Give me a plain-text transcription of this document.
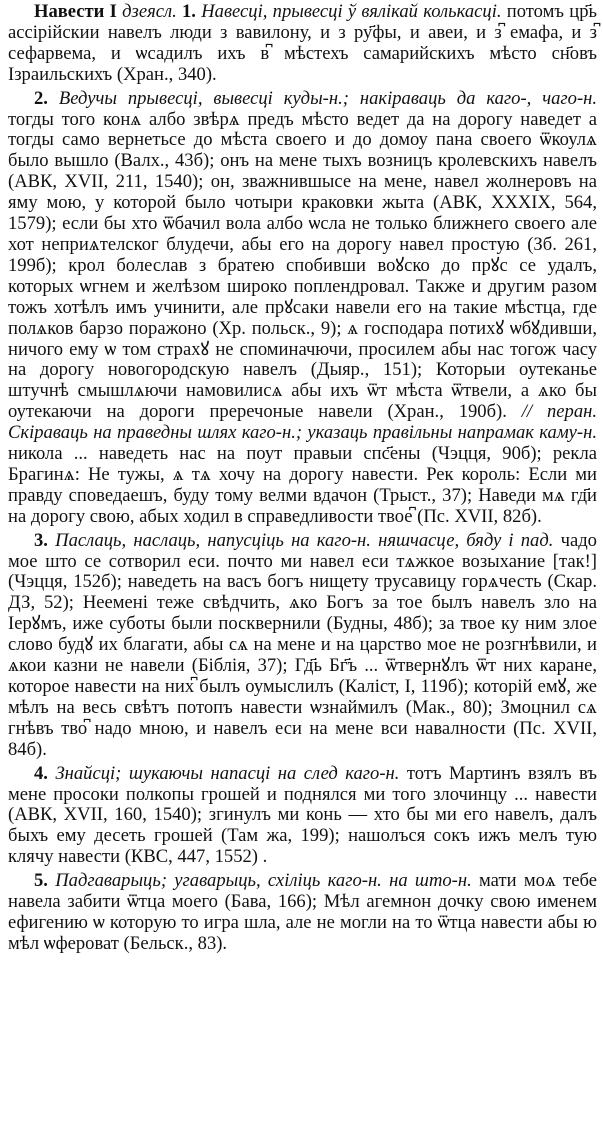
Навести I дзеясл. 1. Навесці, прывесці ў вялікай колькасці. потомъ цр҃ь ассірійскии навелъ люди з вавилону, и з ру҃фы, и авеи, и з͆ емафа, и з͆ сефарвема, и ѡсадилъ ихъ в͆ мѣстехъ самарийскихъ мѣсто сн҃овъ Ізраильскихъ (Хран., 340).

2. Ведучы прывесці, вывесці куды-н.; накіраваць да каго-, чаго-н. тогды того конѧ албо звѣрѧ предъ мѣсто ведет да на дорогу наведет а тогды само вернетьсе до мѣста своего и до домоу пана своего ѿкоулѧ было вышло (Валх., 43б); онъ на мене тыхъ возницъ кролевскихъ навелъ (АВК, XVII, 211, 1540); он, зважнившысе на мене, навел жолнеровъ на яму мою, у которой было чотыри краковки жыта (АВК, XXXIX, 564, 1579); если бы хто ѿбачил вола албо ѡсла не только ближнего своего але хот неприѧтелског блудечи, абы его на дорогу навел простую (Зб. 261, 199б); крол болеслав з братею спобивши воꙋско до прꙋс се удалъ, которых ѡгнем и желѣзом широко поплендровал. Также и другим разом тожъ хотѣлъ имъ учинити, але прꙋсаки навели его на такие мѣстца, где полѧков барзо поражоно (Хр. польск., 9); ѧ господара потихꙋ ѡбꙋдивши, ничого ему ѡ том страхꙋ не споминачючи, просилем абы нас тогож часу на дорогу новогородскую навелъ (Дыяр., 151); Которыи оутеканье штучнѣ смышлѧючи намовилисѧ абы ихъ ѿт мѣста ѿтвели, а ѧко бы оутекаючи на дороги преречоные навели (Хран., 190б). // перан. Скіраваць на праведны шлях каго-н.; указаць правільны напрамак каму-н. никола ... наведеть нас на поут правыи спс҃ены (Чэцця, 90б); рекла Брагинѧ: Не тужы, ѧ тѧ хочу на дорогу навести. Рек король: Если ми правду споведаешъ, буду тому велми вдачон (Трыст., 37); Наведи мѧ гд҃и на дорогу свою, абых ходил в справедливости твое͆ (Пс. XVII, 82б).

3. Паслаць, наслаць, напусціць на каго-н. няшчасце, бяду і пад. чадо мое што се сотворил еси. почто ми навел еси тѧжкое возыхание [так!] (Чэцця, 152б); наведеть на васъ богъ нищету трусавицу горѧчесть (Скар. ДЗ, 52); Неемені теже свѣдчить, ѧко Богъ за тое былъ навелъ зло на Іерꙋмъ, иже суботы были посквернили (Будны, 48б); за твое ку ним злое слово будꙋ их благати, абы сѧ на мене и на царство мое не розгнѣвили, и ѧкои казни не навели (Біблія, 37); Гд҃ь Бг҃ъ ... ѿтвернꙋлъ ѿт них каране, которое навести на них͆ былъ оумыслилъ (Каліст, І, 119б); которій емꙋ, же мѣлъ на весь свѣтъ потопъ навести ѡзнаймилъ (Мак., 80); Змоцнил сѧ гнѣвъ тво͆ надо мною, и навелъ еси на мене вси навалности (Пс. XVII, 84б).

4. Знайсці; шукаючы напасці на след каго-н. тотъ Мартинъ взялъ въ мене просоки полкопы грошей и поднялся ми того злочинцу ... навести (АВК, XVII, 160, 1540); згинулъ ми конь — хто бы ми его навелъ, далъ быхъ ему десеть грошей (Там жа, 199); нашолъся сокъ ижъ мелъ тую клячу навести (КВС, 447, 1552) .

5. Падгаварыць; угаварыць, схіліць каго-н. на што-н. мати моѧ тебе навела забити ѿтца моего (Бава, 166); Мѣл агемнон дочку свою именем ефигению ѡ которую то игра шла, але не могли на то ѿтца навести абы ю мѣл ѡфероват (Бельск., 83).
